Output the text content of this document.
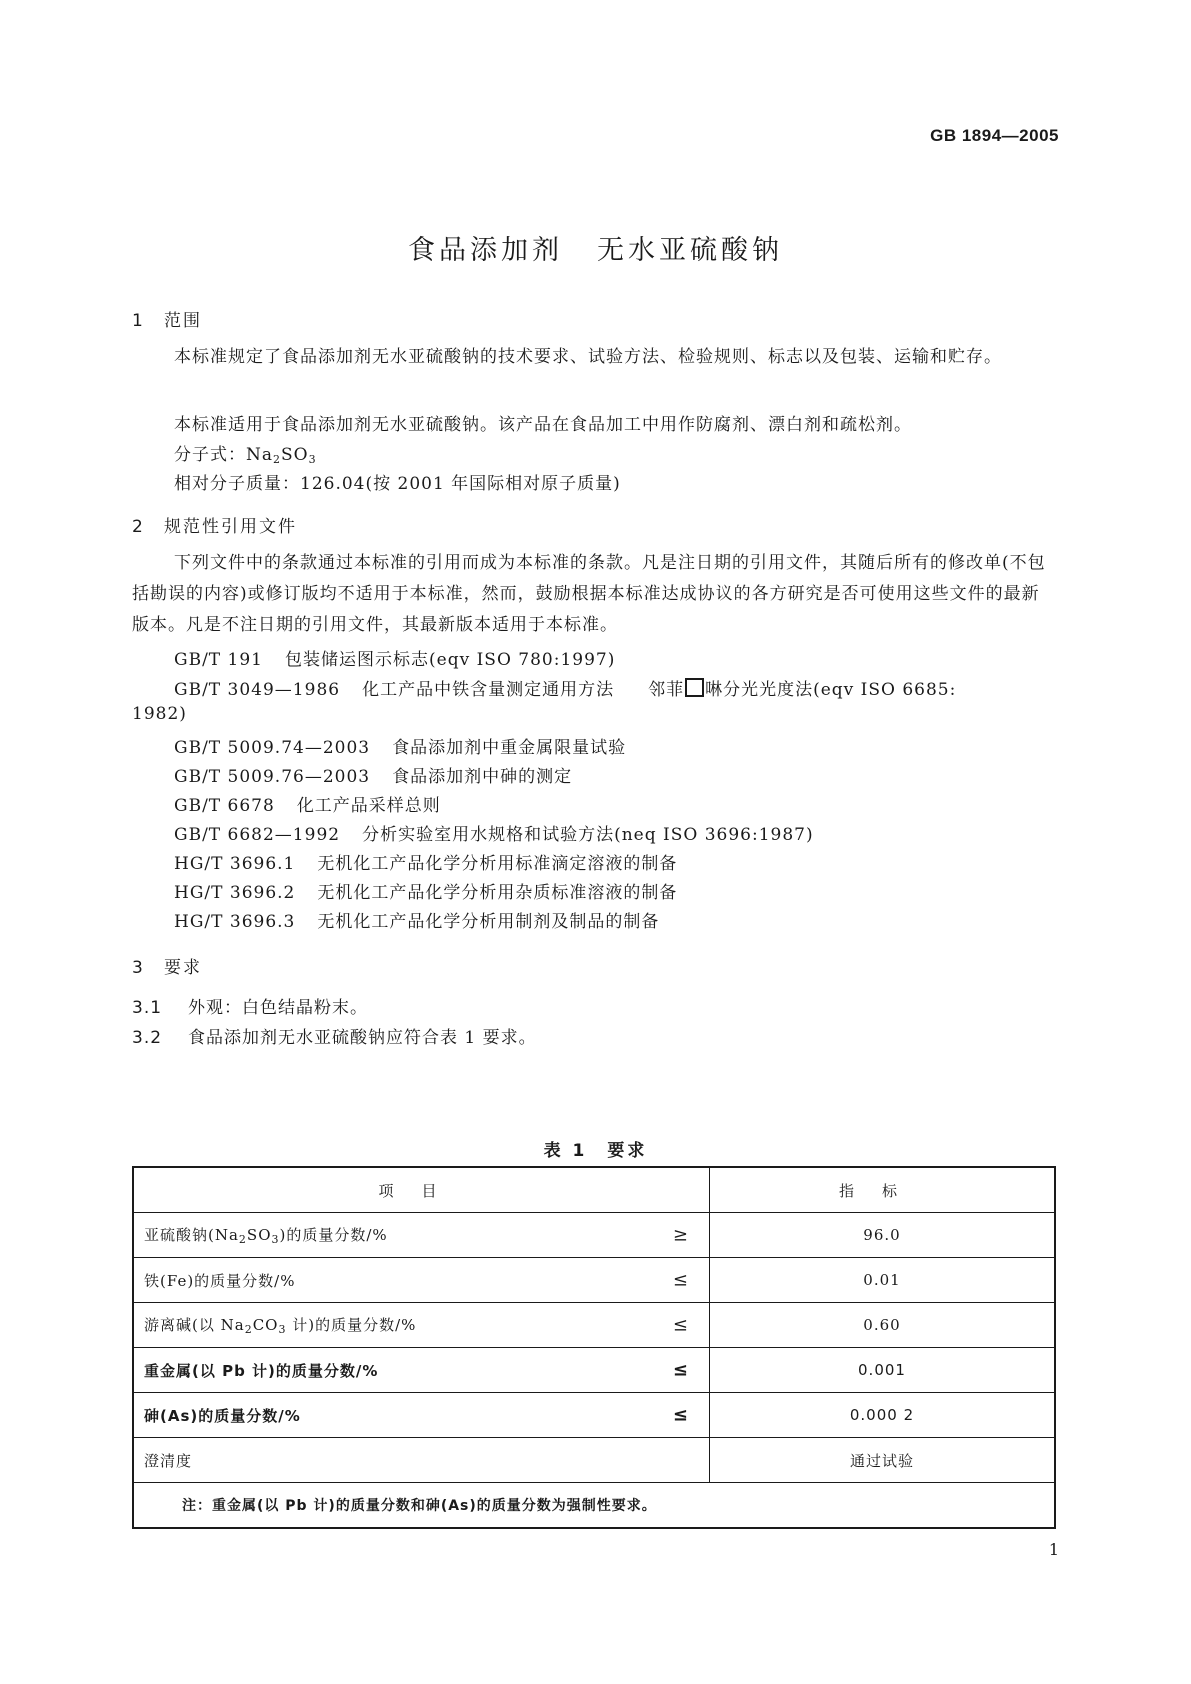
GB 1894—2005
食品添加剂 无水亚硫酸钠
1 范围
本标准规定了食品添加剂无水亚硫酸钠的技术要求、试验方法、检验规则、标志以及包装、运输和贮存。
本标准适用于食品添加剂无水亚硫酸钠。该产品在食品加工中用作防腐剂、漂白剂和疏松剂。
分子式：$Na_2SO_3$
相对分子质量：126.04(按 2001 年国际相对原子质量)
2 规范性引用文件
下列文件中的条款通过本标准的引用而成为本标准的条款。凡是注日期的引用文件，其随后所有的修改单(不包括勘误的内容)或修订版均不适用于本标准，然而，鼓励根据本标准达成协议的各方研究是否可使用这些文件的最新版本。凡是不注日期的引用文件，其最新版本适用于本标准。
GB/T 191 包装储运图示标志(eqv ISO 780:1997)
GB/T 3049—1986 化工产品中铁含量测定通用方法 邻菲 啉分光光度法(eqv ISO 6685:
1982)
GB/T 5009.74—2003 食品添加剂中重金属限量试验
GB/T 5009.76—2003 食品添加剂中砷的测定
GB/T 6678 化工产品采样总则
GB/T 6682—1992 分析实验室用水规格和试验方法(neq ISO 3696:1987)
HG/T 3696.1 无机化工产品化学分析用标准滴定溶液的制备
HG/T 3696.2 无机化工产品化学分析用杂质标准溶液的制备
HG/T 3696.3 无机化工产品化学分析用制剂及制品的制备
3 要求
3.1 外观：白色结晶粉末。
3.2 食品添加剂无水亚硫酸钠应符合表 1 要求。
表 1 要求
项目	指标
亚硫酸钠$(Na_2SO_3)$的质量分数/% ≥	96.0
铁(Fe)的质量分数/% ≤	0.01
游离碱(以 $Na_2CO_3$ 计)的质量分数/% ≤	0.60
重金属(以 Pb 计)的质量分数/% ≤	0.001
砷(As)的质量分数/% ≤	0.000 2
澄清度	通过试验
注：重金属(以 Pb 计)的质量分数和砷(As)的质量分数为强制性要求。	
1
